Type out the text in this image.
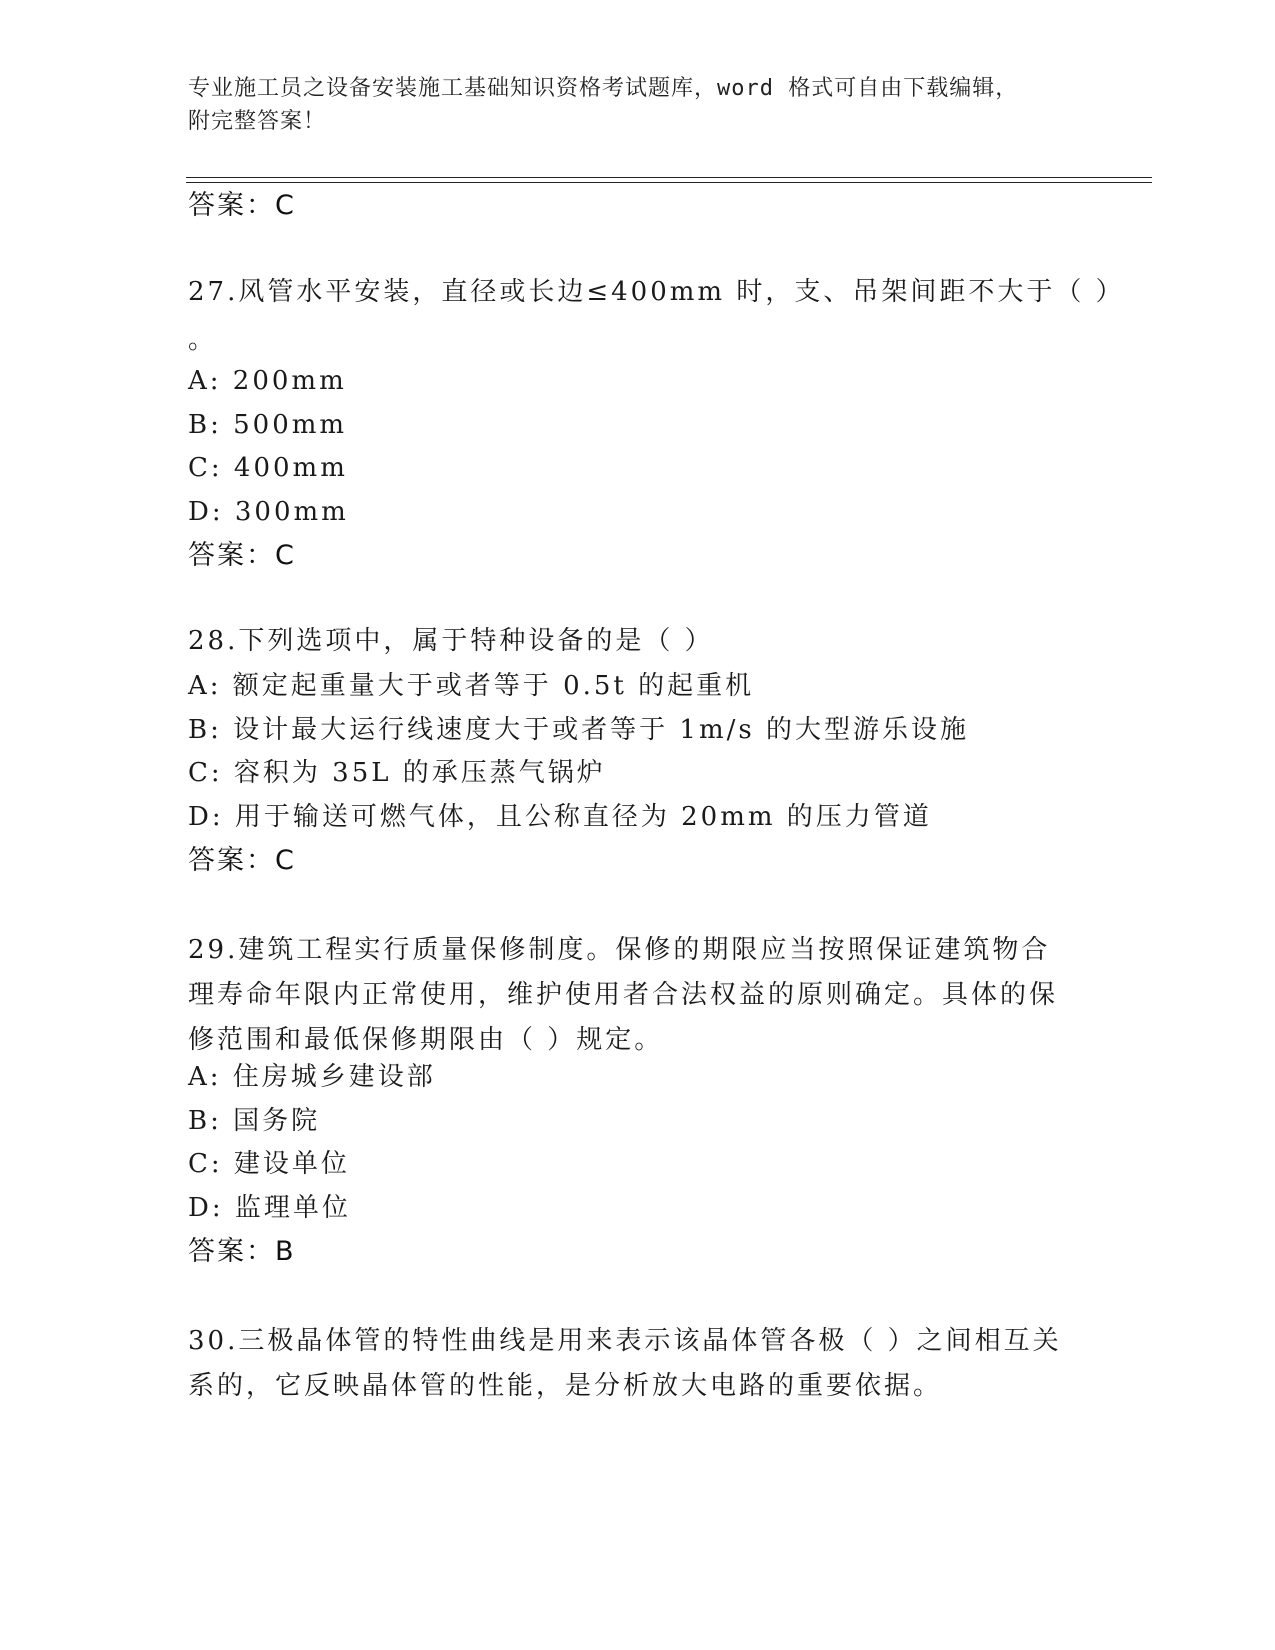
专业施工员之设备安装施工基础知识资格考试题库，word 格式可自由下载编辑，
附完整答案！
答案：C
27.风管水平安装，直径或长边≤400mm 时，支、吊架间距不大于（ ）
。
A: 200mm
B: 500mm
C: 400mm
D: 300mm
答案：C
28.下列选项中，属于特种设备的是（ ）
A: 额定起重量大于或者等于 0.5t 的起重机
B: 设计最大运行线速度大于或者等于 1m/s 的大型游乐设施
C: 容积为 35L 的承压蒸气锅炉
D: 用于输送可燃气体，且公称直径为 20mm 的压力管道
答案：C
29.建筑工程实行质量保修制度。保修的期限应当按照保证建筑物合理寿命年限内正常使用，维护使用者合法权益的原则确定。具体的保修范围和最低保修期限由（ ）规定。
A: 住房城乡建设部
B: 国务院
C: 建设单位
D: 监理单位
答案：B
30.三极晶体管的特性曲线是用来表示该晶体管各极（ ）之间相互关系的，它反映晶体管的性能，是分析放大电路的重要依据。
